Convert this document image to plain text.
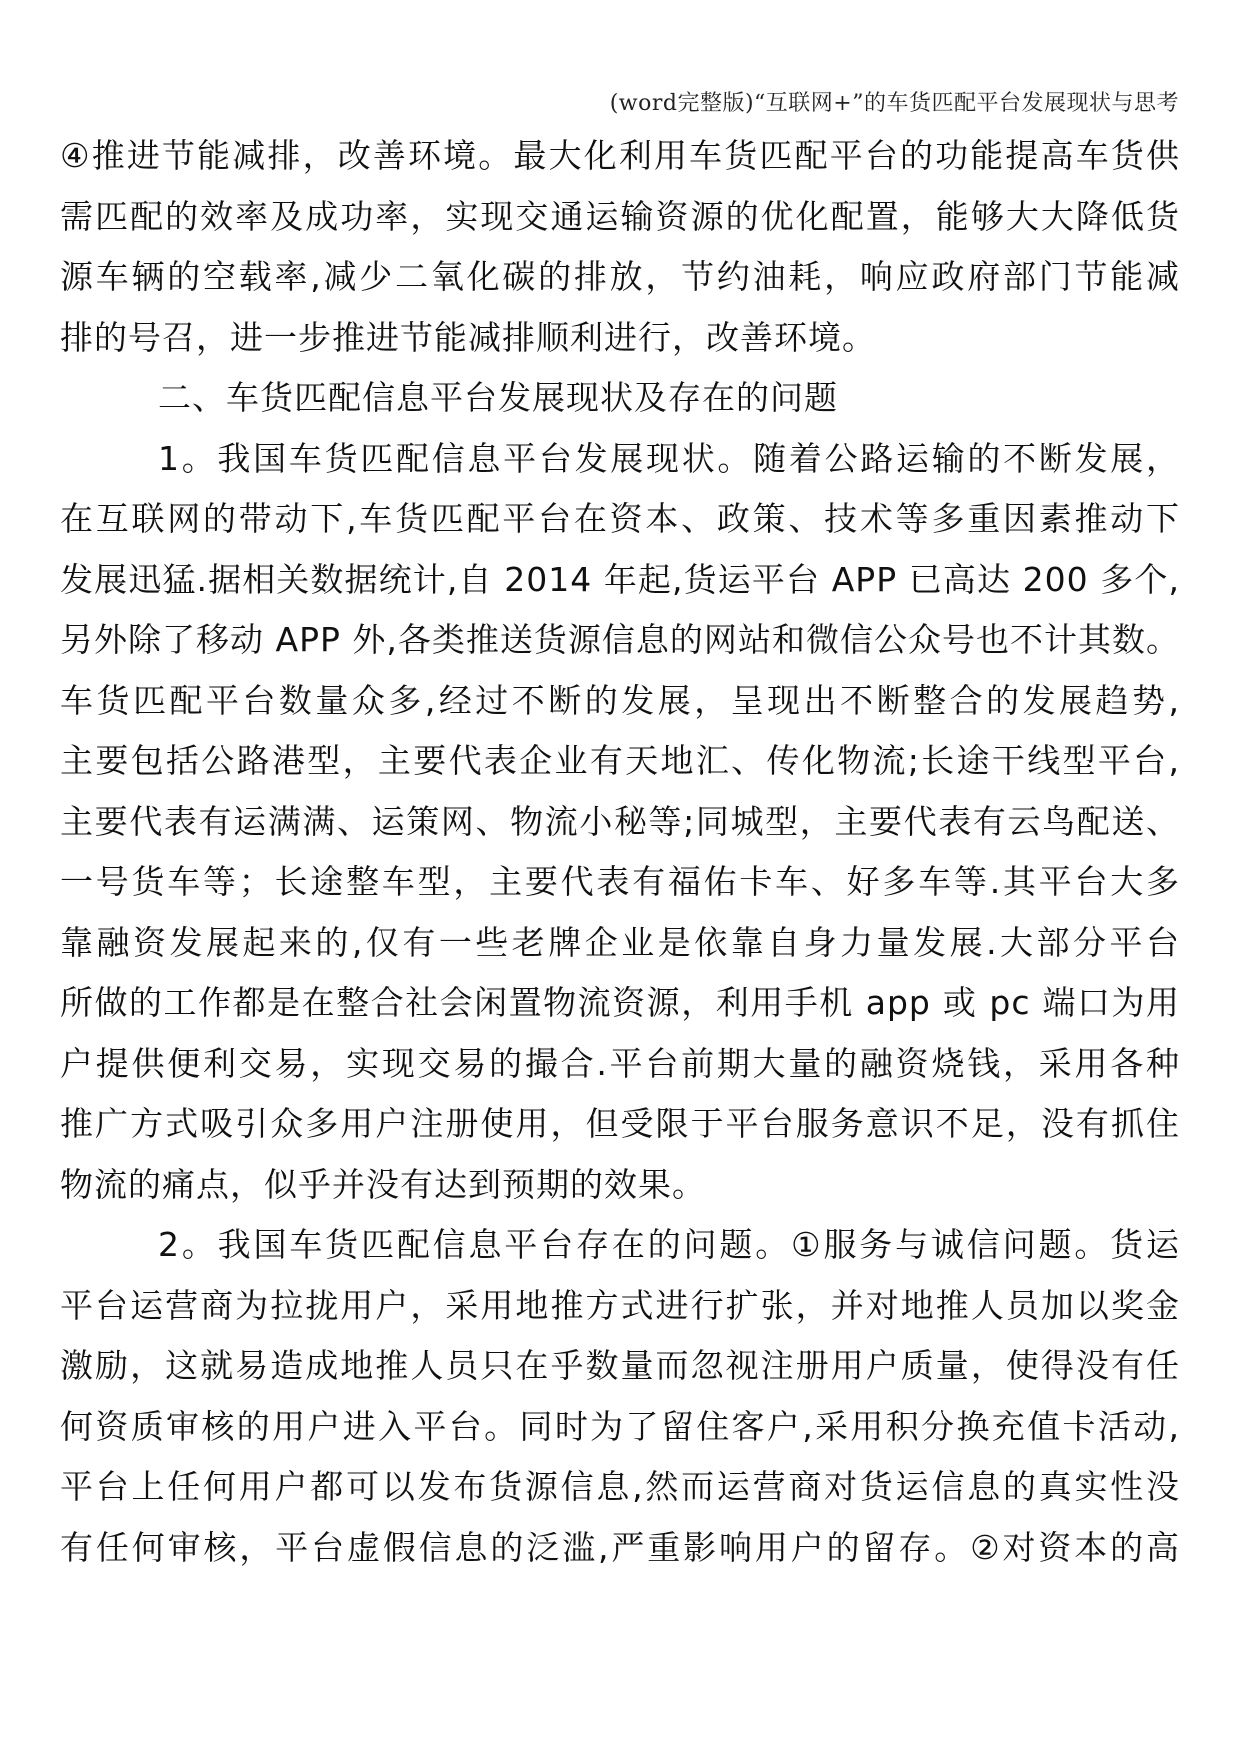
(word完整版)“互联网+”的车货匹配平台发展现状与思考
④推进节能减排，改善环境。最大化利用车货匹配平台的功能提高车货供
需匹配的效率及成功率，实现交通运输资源的优化配置，能够大大降低货
源车辆的空载率,减少二氧化碳的排放，节约油耗，响应政府部门节能减
排的号召，进一步推进节能减排顺利进行，改善环境。
二、车货匹配信息平台发展现状及存在的问题
1。我国车货匹配信息平台发展现状。随着公路运输的不断发展，
在互联网的带动下,车货匹配平台在资本、政策、技术等多重因素推动下
发展迅猛.据相关数据统计,自 2014 年起,货运平台 APP 已高达 200 多个,
另外除了移动 APP 外,各类推送货源信息的网站和微信公众号也不计其数。
车货匹配平台数量众多,经过不断的发展，呈现出不断整合的发展趋势,
主要包括公路港型，主要代表企业有天地汇、传化物流;长途干线型平台,
主要代表有运满满、运策网、物流小秘等;同城型，主要代表有云鸟配送、
一号货车等；长途整车型，主要代表有福佑卡车、好多车等.其平台大多
靠融资发展起来的,仅有一些老牌企业是依靠自身力量发展.大部分平台
所做的工作都是在整合社会闲置物流资源，利用手机 app 或 pc 端口为用
户提供便利交易，实现交易的撮合.平台前期大量的融资烧钱，采用各种
推广方式吸引众多用户注册使用，但受限于平台服务意识不足，没有抓住
物流的痛点，似乎并没有达到预期的效果。
2。我国车货匹配信息平台存在的问题。①服务与诚信问题。货运
平台运营商为拉拢用户，采用地推方式进行扩张，并对地推人员加以奖金
激励，这就易造成地推人员只在乎数量而忽视注册用户质量，使得没有任
何资质审核的用户进入平台。同时为了留住客户,采用积分换充值卡活动,
平台上任何用户都可以发布货源信息,然而运营商对货运信息的真实性没
有任何审核，平台虚假信息的泛滥,严重影响用户的留存。②对资本的高
